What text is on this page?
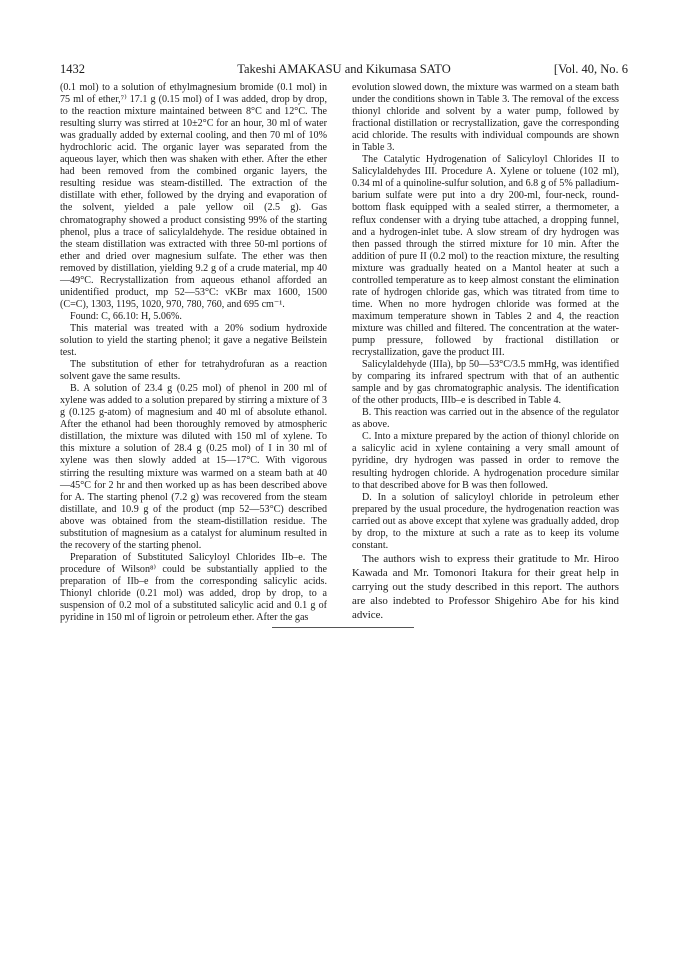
1432	Takeshi AMAKASU and Kikumasa SATO	[Vol. 40, No. 6

(0.1 mol) to a solution of ethylmagnesium bromide (0.1 mol) in 75 ml of ether,⁷⁾ 17.1 g (0.15 mol) of I was added, drop by drop, to the reaction mixture maintained between 8°C and 12°C. The resulting slurry was stirred at 10±2°C for an hour, 30 ml of water was gradually added by external cooling, and then 70 ml of 10% hydrochloric acid. The organic layer was separated from the aqueous layer, which then was shaken with ether. After the ether had been removed from the combined organic layers, the resulting residue was steam-distilled. The extraction of the distillate with ether, followed by the drying and evaporation of the solvent, yielded a pale yellow oil (2.5 g). Gas chromatography showed a product consisting 99% of the starting phenol, plus a trace of salicylaldehyde. The residue obtained in the steam distillation was extracted with three 50-ml portions of ether and dried over magnesium sulfate. The ether was then removed by distillation, yielding 9.2 g of a crude material, mp 40—49°C. Recrystallization from aqueous ethanol afforded an unidentified product, mp 52—53°C: νKBr max 1600, 1500 (C=C), 1303, 1195, 1020, 970, 780, 760, and 695 cm⁻¹.

Found: C, 66.10: H, 5.06%.

This material was treated with a 20% sodium hydroxide solution to yield the starting phenol; it gave a negative Beilstein test.

The substitution of ether for tetrahydrofuran as a reaction solvent gave the same results.

B. A solution of 23.4 g (0.25 mol) of phenol in 200 ml of xylene was added to a solution prepared by stirring a mixture of 3 g (0.125 g-atom) of magnesium and 40 ml of absolute ethanol. After the ethanol had been thoroughly removed by atmospheric distillation, the mixture was diluted with 150 ml of xylene. To this mixture a solution of 28.4 g (0.25 mol) of I in 30 ml of xylene was then slowly added at 15—17°C. With vigorous stirring the resulting mixture was warmed on a steam bath at 40—45°C for 2 hr and then worked up as has been described above for A. The starting phenol (7.2 g) was recovered from the steam distillate, and 10.9 g of the product (mp 52—53°C) described above was obtained from the steam-distillation residue. The substitution of magnesium as a catalyst for aluminum resulted in the recovery of the starting phenol.

Preparation of Substituted Salicyloyl Chlorides IIb–e. The procedure of Wilson⁸⁾ could be substantially applied to the preparation of IIb–e from the corresponding salicylic acids. Thionyl chloride (0.21 mol) was added, drop by drop, to a suspension of 0.2 mol of a substituted salicylic acid and 0.1 g of pyridine in 150 ml of ligroin or petroleum ether. After the gas

evolution slowed down, the mixture was warmed on a steam bath under the conditions shown in Table 3. The removal of the excess thionyl chloride and solvent by a water pump, followed by fractional distillation or recrystallization, gave the corresponding acid chloride. The results with individual compounds are shown in Table 3.

The Catalytic Hydrogenation of Salicyloyl Chlorides II to Salicylaldehydes III. Procedure A. Xylene or toluene (102 ml), 0.34 ml of a quinoline-sulfur solution, and 6.8 g of 5% palladium-barium sulfate were put into a dry 200-ml, four-neck, round-bottom flask equipped with a sealed stirrer, a thermometer, a reflux condenser with a drying tube attached, a dropping funnel, and a hydrogen-inlet tube. A slow stream of dry hydrogen was then passed through the stirred mixture for 10 min. After the addition of pure II (0.2 mol) to the reaction mixture, the resulting mixture was gradually heated on a Mantol heater at such a controlled temperature as to keep almost constant the elimination rate of hydrogen chloride gas, which was titrated from time to time. When no more hydrogen chloride was formed at the maximum temperature shown in Tables 2 and 4, the reaction mixture was chilled and filtered. The concentration at the water-pump pressure, followed by fractional distillation or recrystallization, gave the product III.

Salicylaldehyde (IIIa), bp 50—53°C/3.5 mmHg, was identified by comparing its infrared spectrum with that of an authentic sample and by gas chromatographic analysis. The identification of the other products, IIIb–e is described in Table 4.

B. This reaction was carried out in the absence of the regulator as above.

C. Into a mixture prepared by the action of thionyl chloride on a salicylic acid in xylene containing a very small amount of pyridine, dry hydrogen was passed in order to remove the resulting hydrogen chloride. A hydrogenation procedure similar to that described above for B was then followed.

D. In a solution of salicyloyl chloride in petroleum ether prepared by the usual procedure, the hydrogenation reaction was carried out as above except that xylene was gradually added, drop by drop, to the mixture at such a rate as to keep its volume constant.

The authors wish to express their gratitude to Mr. Hiroo Kawada and Mr. Tomonori Itakura for their great help in carrying out the study described in this report. The authors are also indebted to Professor Shigehiro Abe for his kind advice.
